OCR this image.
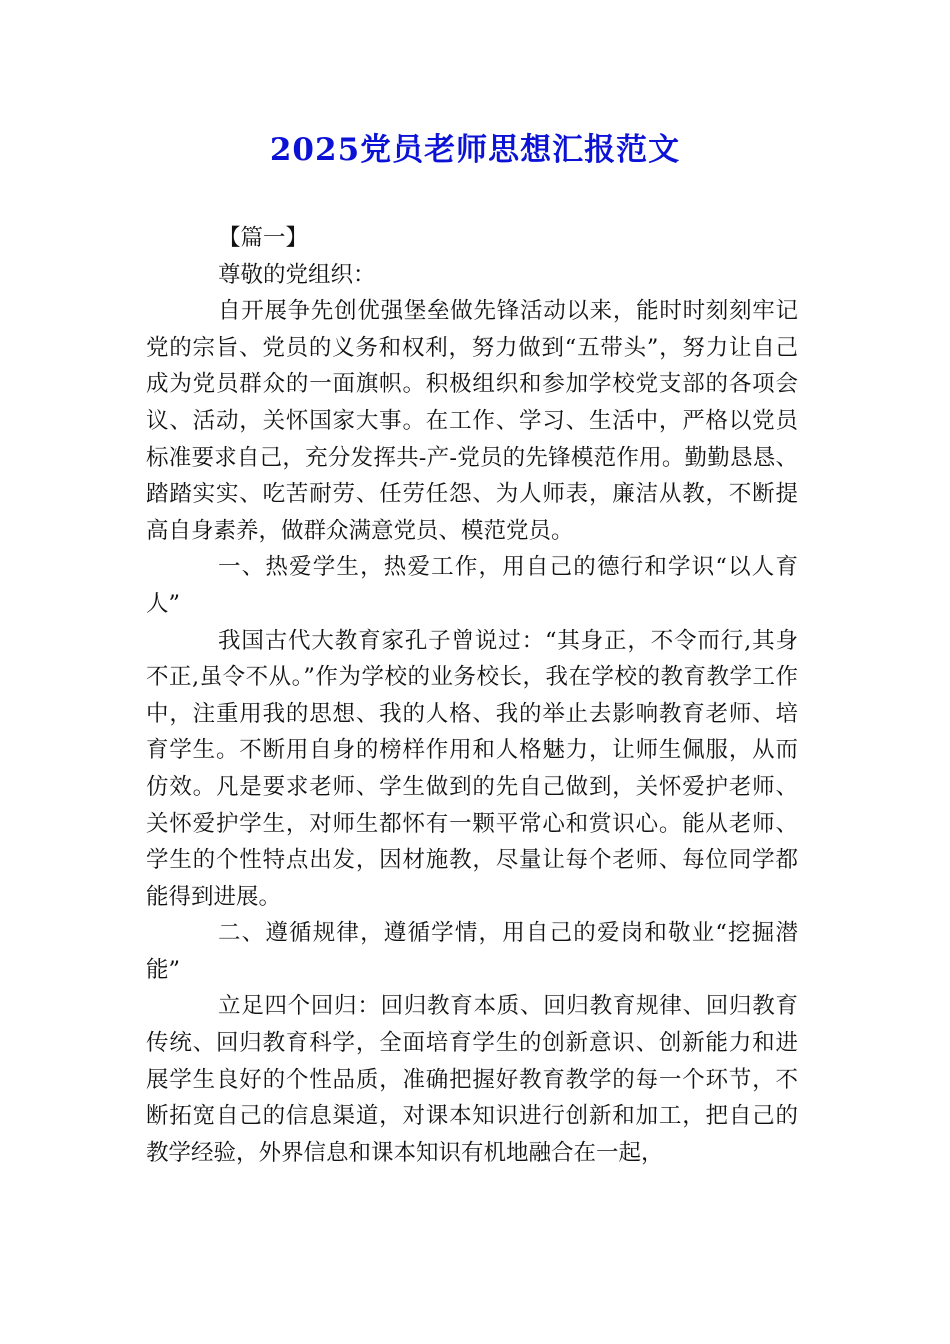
2025党员老师思想汇报范文

【篇一】

尊敬的党组织：

自开展争先创优强堡垒做先锋活动以来，能时时刻刻牢记党的宗旨、党员的义务和权利，努力做到“五带头”，努力让自己成为党员群众的一面旗帜。积极组织和参加学校党支部的各项会议、活动，关怀国家大事。在工作、学习、生活中，严格以党员标准要求自己，充分发挥共-产-党员的先锋模范作用。勤勤恳恳、踏踏实实、吃苦耐劳、任劳任怨、为人师表，廉洁从教，不断提高自身素养，做群众满意党员、模范党员。

一、热爱学生，热爱工作，用自己的德行和学识“以人育人”

我国古代大教育家孔子曾说过：“其身正，不令而行,其身不正,虽令不从。”作为学校的业务校长，我在学校的教育教学工作中，注重用我的思想、我的人格、我的举止去影响教育老师、培育学生。不断用自身的榜样作用和人格魅力，让师生佩服，从而仿效。凡是要求老师、学生做到的先自己做到，关怀爱护老师、关怀爱护学生，对师生都怀有一颗平常心和赏识心。能从老师、学生的个性特点出发，因材施教，尽量让每个老师、每位同学都能得到进展。

二、遵循规律，遵循学情，用自己的爱岗和敬业“挖掘潜能”

立足四个回归：回归教育本质、回归教育规律、回归教育传统、回归教育科学，全面培育学生的创新意识、创新能力和进展学生良好的个性品质，准确把握好教育教学的每一个环节，不断拓宽自己的信息渠道，对课本知识进行创新和加工，把自己的教学经验，外界信息和课本知识有机地融合在一起，
